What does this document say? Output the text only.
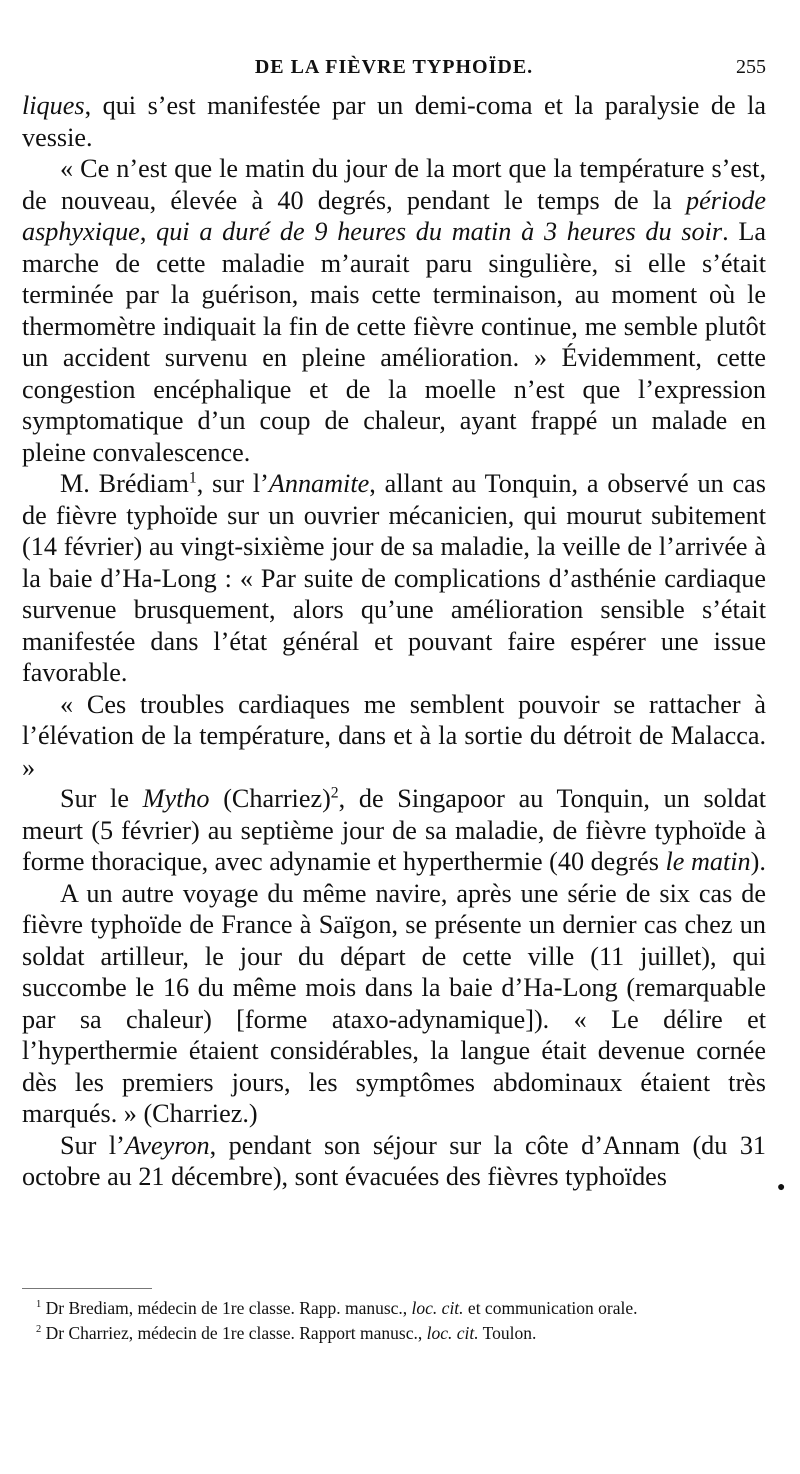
DE LA FIÈVRE TYPHOÏDE.	255

liques, qui s’est manifestée par un demi-coma et la paralysie de la vessie.

« Ce n’est que le matin du jour de la mort que la température s’est, de nouveau, élevée à 40 degrés, pendant le temps de la période asphyxique, qui a duré de 9 heures du matin à 3 heures du soir. La marche de cette maladie m’aurait paru singulière, si elle s’était terminée par la guérison, mais cette terminaison, au moment où le thermomètre indiquait la fin de cette fièvre continue, me semble plutôt un accident survenu en pleine amélioration. » Évidemment, cette congestion encéphalique et de la moelle n’est que l’expression symptomatique d’un coup de chaleur, ayant frappé un malade en pleine convalescence.

M. Brédiam$^1$, sur l’Annamite, allant au Tonquin, a observé un cas de fièvre typhoïde sur un ouvrier mécanicien, qui mourut subitement (14 février) au vingt-sixième jour de sa maladie, la veille de l’arrivée à la baie d’Ha-Long : « Par suite de complications d’asthénie cardiaque survenue brusquement, alors qu’une amélioration sensible s’était manifestée dans l’état général et pouvant faire espérer une issue favorable.

« Ces troubles cardiaques me semblent pouvoir se rattacher à l’élévation de la température, dans et à la sortie du détroit de Malacca. »

Sur le Mytho (Charriez)$^2$, de Singapoor au Tonquin, un soldat meurt (5 février) au septième jour de sa maladie, de fièvre typhoïde à forme thoracique, avec adynamie et hyperthermie (40 degrés le matin).

A un autre voyage du même navire, après une série de six cas de fièvre typhoïde de France à Saïgon, se présente un dernier cas chez un soldat artilleur, le jour du départ de cette ville (11 juillet), qui succombe le 16 du même mois dans la baie d’Ha-Long (remarquable par sa chaleur) [forme ataxo-adynamique]). « Le délire et l’hyperthermie étaient considérables, la langue était devenue cornée dès les premiers jours, les symptômes abdominaux étaient très marqués. » (Charriez.)

Sur l’Aveyron, pendant son séjour sur la côte d’Annam (du 31 octobre au 21 décembre), sont évacuées des fièvres typhoïdes	●

$^1$ Dr Brediam, médecin de 1re classe. Rapp. manusc., loc. cit. et communication orale.

$^2$ Dr Charriez, médecin de 1re classe. Rapport manusc., loc. cit. Toulon.
